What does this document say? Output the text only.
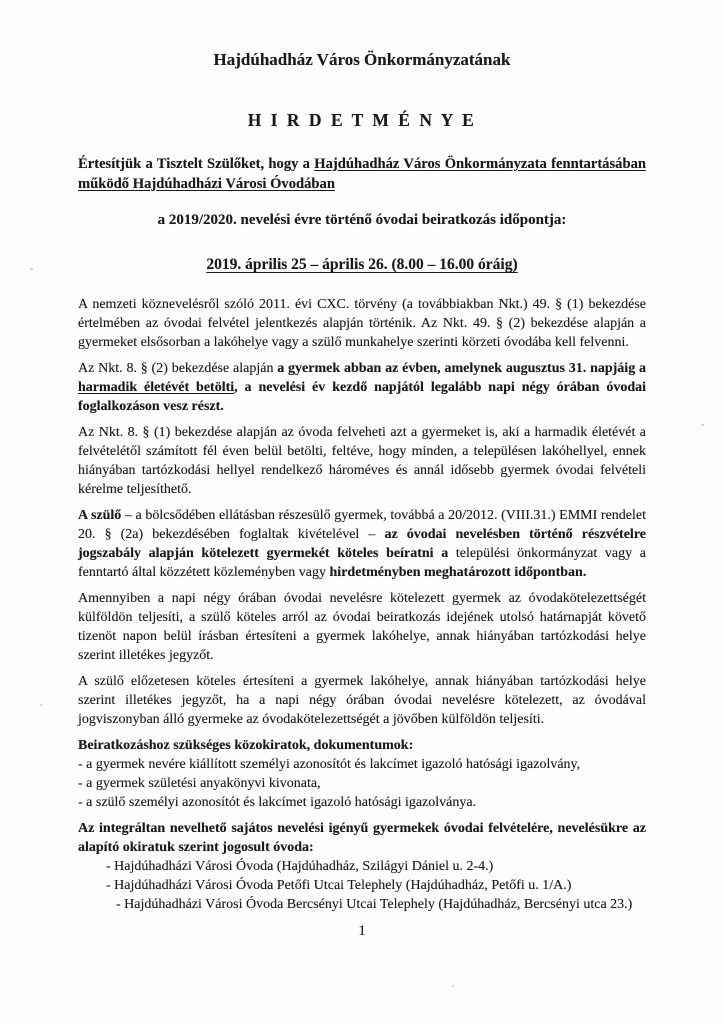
Hajdúhadház Város Önkormányzatának
H I R D E T M É N Y E

Értesítjük a Tisztelt Szülőket, hogy a Hajdúhadház Város Önkormányzata fenntartásában működő Hajdúhadházi Városi Óvodában

a 2019/2020. nevelési évre történő óvodai beiratkozás időpontja:
2019. április 25 – április 26. (8.00 – 16.00 óráig)

A nemzeti köznevelésről szóló 2011. évi CXC. törvény (a továbbiakban Nkt.) 49. § (1) bekezdése értelmében az óvodai felvétel jelentkezés alapján történik. Az Nkt. 49. § (2) bekezdése alapján a gyermeket elsősorban a lakóhelye vagy a szülő munkahelye szerinti körzeti óvodába kell felvenni.

Az Nkt. 8. § (2) bekezdése alapján a gyermek abban az évben, amelynek augusztus 31. napjáig a harmadik életévét betölti, a nevelési év kezdő napjától legalább napi négy órában óvodai foglalkozáson vesz részt.

Az Nkt. 8. § (1) bekezdése alapján az óvoda felveheti azt a gyermeket is, aki a harmadik életévét a felvételétől számított fél éven belül betölti, feltéve, hogy minden, a településen lakóhellyel, ennek hiányában tartózkodási hellyel rendelkező hároméves és annál idősebb gyermek óvodai felvételi kérelme teljesíthető.

A szülő – a bölcsődében ellátásban részesülő gyermek, továbbá a 20/2012. (VIII.31.) EMMI rendelet 20. § (2a) bekezdésében foglaltak kivételével – az óvodai nevelésben történő részvételre jogszabály alapján kötelezett gyermekét köteles beíratni a települési önkormányzat vagy a fenntartó által közzétett közleményben vagy hirdetményben meghatározott időpontban.

Amennyiben a napi négy órában óvodai nevelésre kötelezett gyermek az óvodakötelezettségét külföldön teljesíti, a szülő köteles arról az óvodai beiratkozás idejének utolsó határnapját követő tizenöt napon belül írásban értesíteni a gyermek lakóhelye, annak hiányában tartózkodási helye szerint illetékes jegyzőt.

A szülő előzetesen köteles értesíteni a gyermek lakóhelye, annak hiányában tartózkodási helye szerint illetékes jegyzőt, ha a napi négy órában óvodai nevelésre kötelezett, az óvodával jogviszonyban álló gyermeke az óvodakötelezettségét a jövőben külföldön teljesíti.

Beiratkozáshoz szükséges közokiratok, dokumentumok:
- a gyermek nevére kiállított személyi azonosítót és lakcímet igazoló hatósági igazolvány,
- a gyermek születési anyakönyvi kivonata,
- a szülő személyi azonosítót és lakcímet igazoló hatósági igazolványa.
Az integráltan nevelhető sajátos nevelési igényű gyermekek óvodai felvételére, nevelésükre az alapító okiratuk szerint jogosult óvoda:
- Hajdúhadházi Városi Óvoda (Hajdúhadház, Szilágyi Dániel u. 2-4.)
- Hajdúhadházi Városi Óvoda Petőfi Utcai Telephely (Hajdúhadház, Petőfi u. 1/A.)
- Hajdúhadházi Városi Óvoda Bercsényi Utcai Telephely (Hajdúhadház, Bercsényi utca 23.)
1
